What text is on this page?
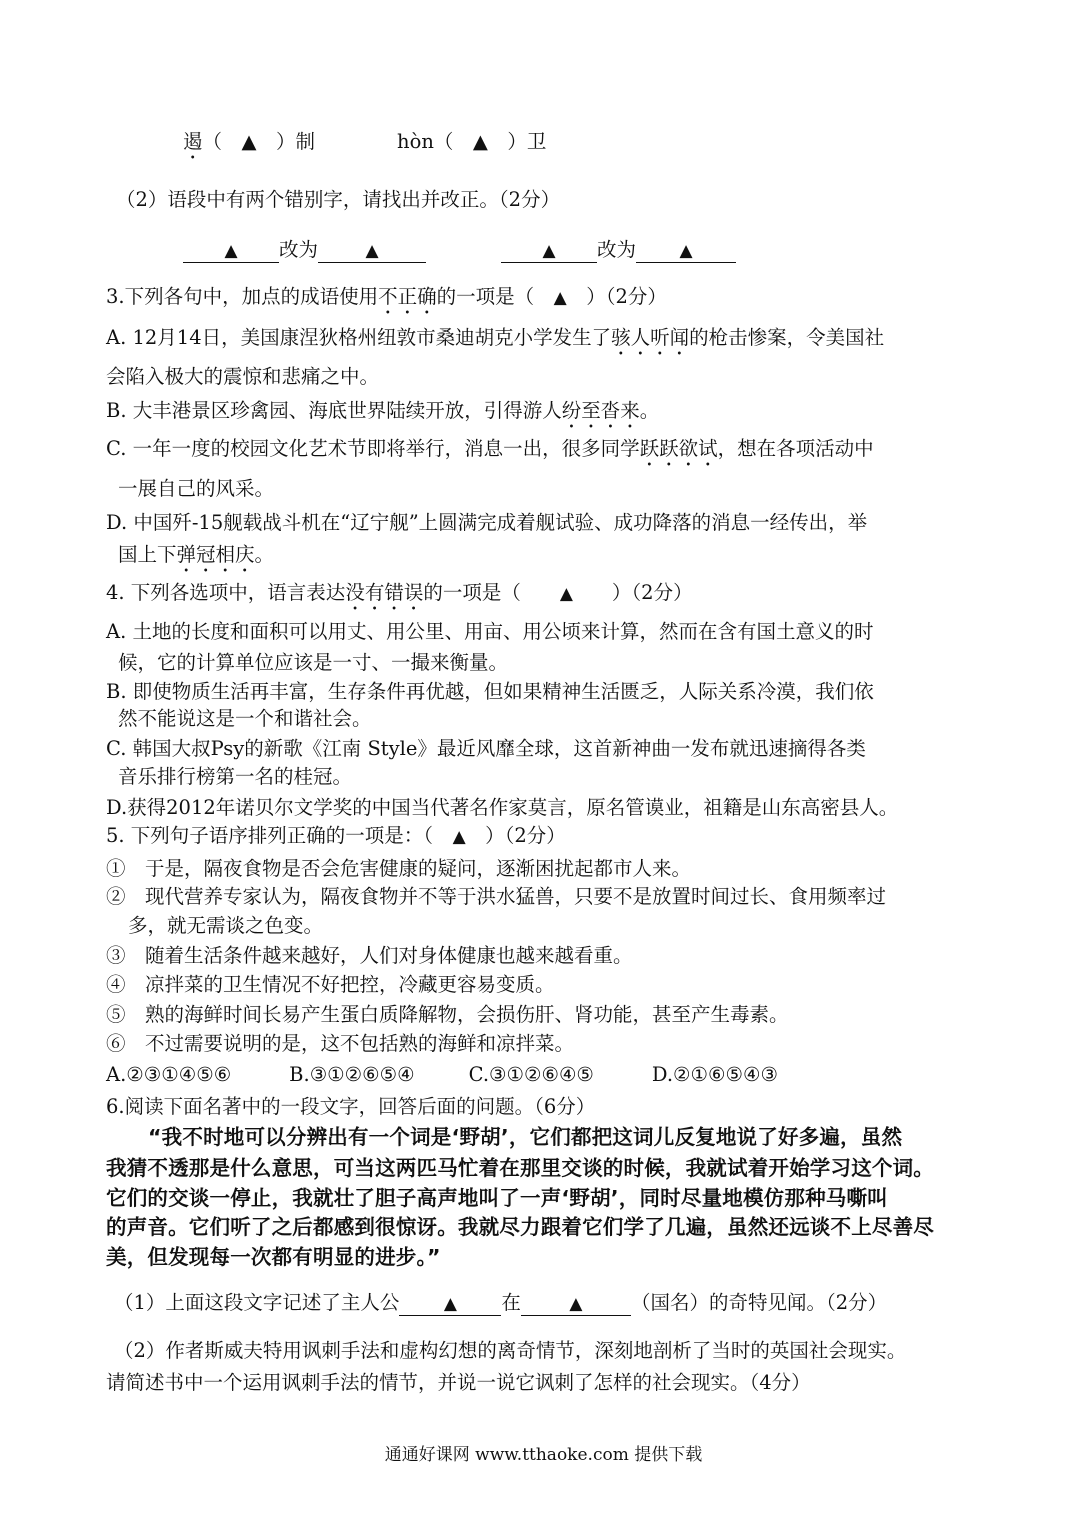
遏（　▲　）制	hòn（　▲　）卫
（2）语段中有两个错别字，请找出并改正。（2分）
▲ 改为	▲	▲ 改为	▲
3.下列各句中，加点的成语使用不正确的一项是（　▲　）（2分）
A. 12月14日，美国康涅狄格州纽敦市桑迪胡克小学发生了骇人听闻的枪击惨案，令美国社
会陷入极大的震惊和悲痛之中。
B. 大丰港景区珍禽园、海底世界陆续开放，引得游人纷至沓来。
C. 一年一度的校园文化艺术节即将举行，消息一出，很多同学跃跃欲试，想在各项活动中
一展自己的风采。
D. 中国歼-15舰载战斗机在“辽宁舰”上圆满完成着舰试验、成功降落的消息一经传出，举
国上下弹冠相庆。
4. 下列各选项中，语言表达没有错误的一项是（　　▲　　）（2分）
A. 土地的长度和面积可以用丈、用公里、用亩、用公顷来计算，然而在含有国土意义的时
候，它的计算单位应该是一寸、一撮来衡量。
B. 即使物质生活再丰富，生存条件再优越，但如果精神生活匮乏，人际关系冷漠，我们依
然不能说这是一个和谐社会。
C. 韩国大叔Psy的新歌《江南 Style》最近风靡全球，这首新神曲一发布就迅速摘得各类
音乐排行榜第一名的桂冠。
D.获得2012年诺贝尔文学奖的中国当代著名作家莫言，原名管谟业，祖籍是山东高密县人。
5. 下列句子语序排列正确的一项是：（　▲　）（2分）
①　于是，隔夜食物是否会危害健康的疑问，逐渐困扰起都市人来。
②　现代营养专家认为，隔夜食物并不等于洪水猛兽，只要不是放置时间过长、食用频率过
多，就无需谈之色变。
③　随着生活条件越来越好，人们对身体健康也越来越看重。
④　凉拌菜的卫生情况不好把控，冷藏更容易变质。
⑤　熟的海鲜时间长易产生蛋白质降解物，会损伤肝、肾功能，甚至产生毒素。
⑥　不过需要说明的是，这不包括熟的海鲜和凉拌菜。
A.②③①④⑤⑥	B.③①②⑥⑤④	C.③①②⑥④⑤	D.②①⑥⑤④③
6.阅读下面名著中的一段文字，回答后面的问题。（6分）
“我不时地可以分辨出有一个词是‘野胡’，它们都把这词儿反复地说了好多遍，虽然
我猜不透那是什么意思，可当这两匹马忙着在那里交谈的时候，我就试着开始学习这个词。
它们的交谈一停止，我就壮了胆子高声地叫了一声‘野胡’，同时尽量地模仿那种马嘶叫
的声音。它们听了之后都感到很惊讶。我就尽力跟着它们学了几遍，虽然还远谈不上尽善尽
美，但发现每一次都有明显的进步。”
（1）上面这段文字记述了主人公	▲ 在	▲ （国名）的奇特见闻。（2分）
（2）作者斯威夫特用讽刺手法和虚构幻想的离奇情节，深刻地剖析了当时的英国社会现实。
请简述书中一个运用讽刺手法的情节，并说一说它讽刺了怎样的社会现实。（4分）
通通好课网 www.tthaoke.com 提供下载
